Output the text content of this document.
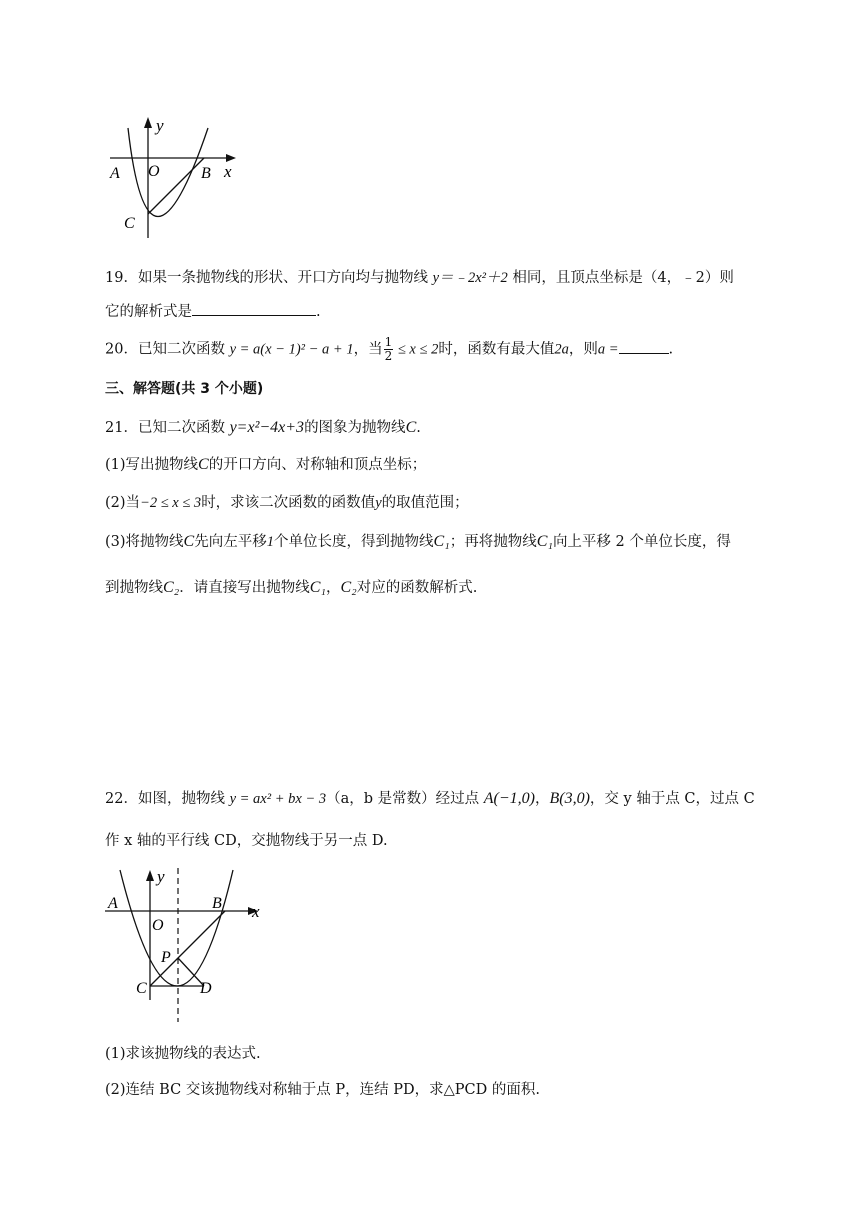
y
x
O
A	B
C
19．如果一条抛物线的形状、开口方向均与抛物线 y＝﹣2x²＋2 相同，且顶点坐标是（4，﹣2）则
它的解析式是	.
20．已知二次函数 y = a(x − 1)² − a + 1，当 $\frac{1}{2} \le x \le 2$时，函数有最大值2a，则a =	.
三、解答题(共 3 个小题)
21．已知二次函数 y=x²−4x+3的图象为抛物线C.
(1)写出抛物线C的开口方向、对称轴和顶点坐标；
(2)当−2 ≤ x ≤ 3时，求该二次函数的函数值y的取值范围；
(3)将抛物线C先向左平移1个单位长度，得到抛物线C₁；再将抛物线C₁向上平移 2 个单位长度，得
到抛物线C₂．请直接写出抛物线C₁，C₂对应的函数解析式.
22．如图，抛物线 y = ax² + bx − 3（a，b 是常数）经过点 A(−1,0)，B(3,0)，交 y 轴于点 C，过点 C
作 x 轴的平行线 CD，交抛物线于另一点 D.
y
x
A	B
O
P
C	D
(1)求该抛物线的表达式.
(2)连结 BC 交该抛物线对称轴于点 P，连结 PD，求△PCD 的面积.
